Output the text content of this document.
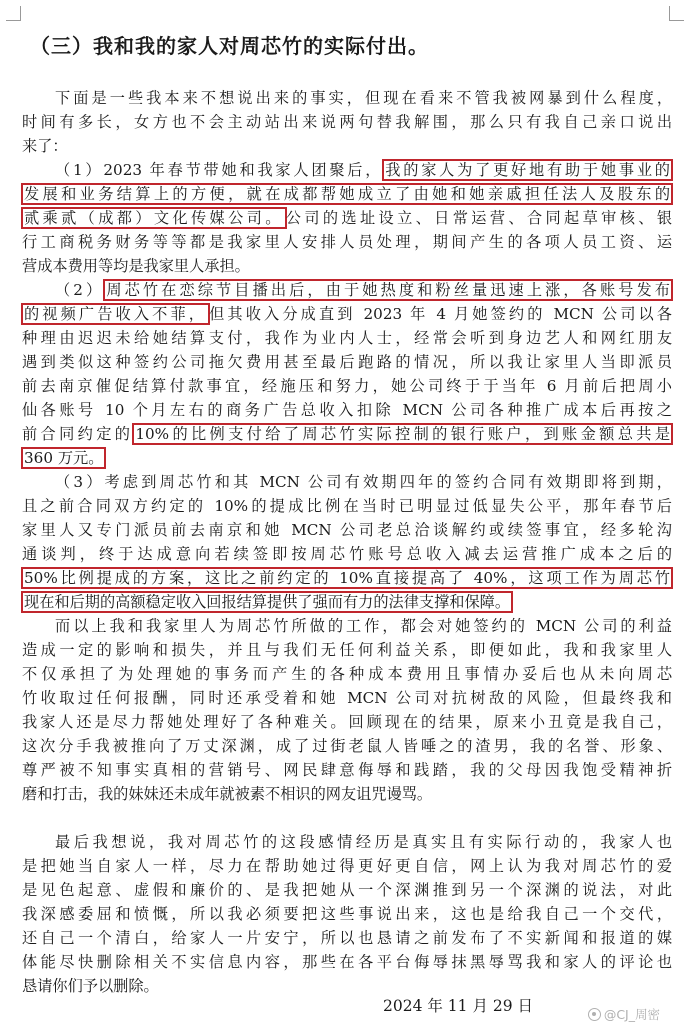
（三）我和我的家人对周芯竹的实际付出。
下面是一些我本来不想说出来的事实，但现在看来不管我被网暴到什么程度，
时间有多长，女方也不会主动站出来说两句替我解围，那么只有我自己亲口说出
来了：
（1）2023 年春节带她和我家人团聚后， 我的家人为了更好地有助于她事业的
发展和业务结算上的方便，就在成都帮她成立了由她和她亲戚担任法人及股东的
贰乘贰（成都）文化传媒公司。 公司的选址设立、日常运营、合同起草审核、银
行工商税务财务等等都是我家里人安排人员处理，期间产生的各项人员工资、运
营成本费用等均是我家里人承担。
（2） 周芯竹在恋综节目播出后，由于她热度和粉丝量迅速上涨，各账号发布
的视频广告收入不菲， 但其收入分成直到 2023 年 4 月她签约的 MCN 公司以各
种理由迟迟未给她结算支付，我作为业内人士，经常会听到身边艺人和网红朋友
遇到类似这种签约公司拖欠费用甚至最后跑路的情况，所以我让家里人当即派员
前去南京催促结算付款事宜，经施压和努力，她公司终于于当年 6 月前后把周小
仙各账号 10 个月左右的商务广告总收入扣除 MCN 公司各种推广成本后再按之
前合同约定的 10%的比例支付给了周芯竹实际控制的银行账户，到账金额总共是
360 万元。
（3）考虑到周芯竹和其 MCN 公司有效期四年的签约合同有效期即将到期，
且之前合同双方约定的 10%的提成比例在当时已明显过低显失公平，那年春节后
家里人又专门派员前去南京和她 MCN 公司老总洽谈解约或续签事宜，经多轮沟
通谈判，终于达成意向若续签即按周芯竹账号总收入减去运营推广成本之后的
50%比例提成的方案，这比之前约定的 10%直接提高了 40%，这项工作为周芯竹
现在和后期的高额稳定收入回报结算提供了强而有力的法律支撑和保障。
而以上我和我家里人为周芯竹所做的工作，都会对她签约的 MCN 公司的利益
造成一定的影响和损失，并且与我们无任何利益关系，即便如此，我和我家里人
不仅承担了为处理她的事务而产生的各种成本费用且事情办妥后也从未向周芯
竹收取过任何报酬，同时还承受着和她 MCN 公司对抗树敌的风险，但最终我和
我家人还是尽力帮她处理好了各种难关。回顾现在的结果，原来小丑竟是我自己，
这次分手我被推向了万丈深渊，成了过街老鼠人皆唾之的渣男，我的名誉、形象、
尊严被不知事实真相的营销号、网民肆意侮辱和践踏，我的父母因我饱受精神折
磨和打击，我的妹妹还未成年就被素不相识的网友诅咒谩骂。
最后我想说，我对周芯竹的这段感情经历是真实且有实际行动的，我家人也
是把她当自家人一样，尽力在帮助她过得更好更自信，网上认为我对周芯竹的爱
是见色起意、虚假和廉价的、是我把她从一个深渊推到另一个深渊的说法，对此
我深感委屈和愤慨，所以我必须要把这些事说出来，这也是给我自己一个交代，
还自己一个清白，给家人一片安宁，所以也恳请之前发布了不实新闻和报道的媒
体能尽快删除相关不实信息内容，那些在各平台侮辱抹黑辱骂我和家人的评论也
恳请你们予以删除。
2024 年 11 月 29 日	@CJ_周密
